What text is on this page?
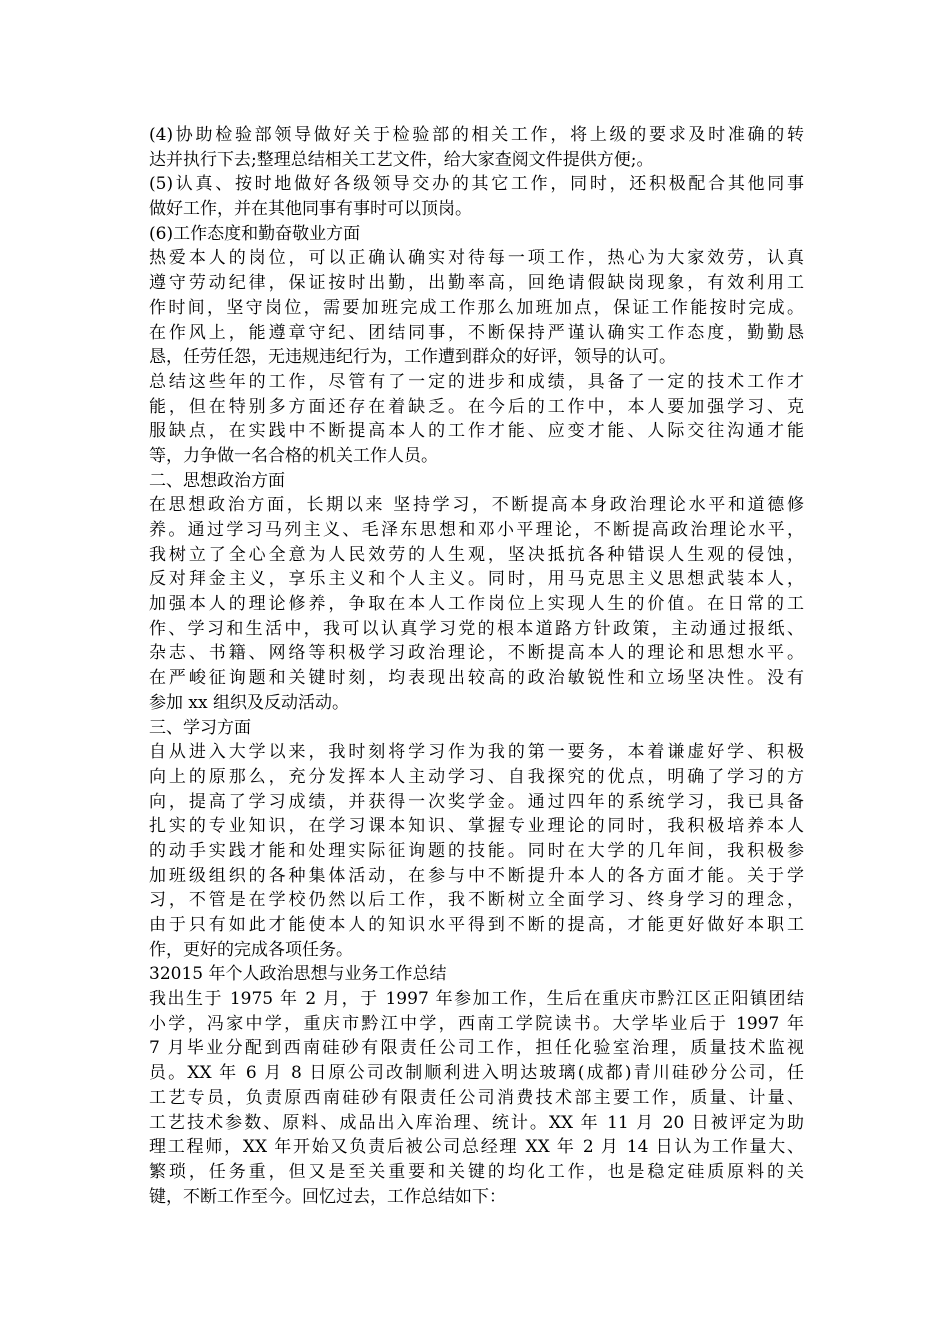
(4)协助检验部领导做好关于检验部的相关工作，将上级的要求及时准确的转
达并执行下去;整理总结相关工艺文件，给大家查阅文件提供方便;。
(5)认真、按时地做好各级领导交办的其它工作，同时，还积极配合其他同事
做好工作，并在其他同事有事时可以顶岗。
(6)工作态度和勤奋敬业方面
热爱本人的岗位，可以正确认确实对待每一项工作，热心为大家效劳，认真
遵守劳动纪律，保证按时出勤，出勤率高，回绝请假缺岗现象，有效利用工
作时间，坚守岗位，需要加班完成工作那么加班加点，保证工作能按时完成。
在作风上，能遵章守纪、团结同事，不断保持严谨认确实工作态度，勤勤恳
恳，任劳任怨，无违规违纪行为，工作遭到群众的好评，领导的认可。
总结这些年的工作，尽管有了一定的进步和成绩，具备了一定的技术工作才
能，但在特别多方面还存在着缺乏。在今后的工作中，本人要加强学习、克
服缺点，在实践中不断提高本人的工作才能、应变才能、人际交往沟通才能
等，力争做一名合格的机关工作人员。
二、思想政治方面
在思想政治方面，长期以来 坚持学习，不断提高本身政治理论水平和道德修
养。通过学习马列主义、毛泽东思想和邓小平理论，不断提高政治理论水平，
我树立了全心全意为人民效劳的人生观，坚决抵抗各种错误人生观的侵蚀，
反对拜金主义，享乐主义和个人主义。同时，用马克思主义思想武装本人，
加强本人的理论修养，争取在本人工作岗位上实现人生的价值。在日常的工
作、学习和生活中，我可以认真学习党的根本道路方针政策，主动通过报纸、
杂志、书籍、网络等积极学习政治理论，不断提高本人的理论和思想水平。
在严峻征询题和关键时刻，均表现出较高的政治敏锐性和立场坚决性。没有
参加 xx 组织及反动活动。
三、学习方面
自从进入大学以来，我时刻将学习作为我的第一要务，本着谦虚好学、积极
向上的原那么，充分发挥本人主动学习、自我探究的优点，明确了学习的方
向，提高了学习成绩，并获得一次奖学金。通过四年的系统学习，我已具备
扎实的专业知识，在学习课本知识、掌握专业理论的同时，我积极培养本人
的动手实践才能和处理实际征询题的技能。同时在大学的几年间，我积极参
加班级组织的各种集体活动，在参与中不断提升本人的各方面才能。关于学
习，不管是在学校仍然以后工作，我不断树立全面学习、终身学习的理念，
由于只有如此才能使本人的知识水平得到不断的提高，才能更好做好本职工
作，更好的完成各项任务。
32015 年个人政治思想与业务工作总结
我出生于 1975 年 2 月，于 1997 年参加工作，生后在重庆市黔江区正阳镇团结
小学，冯家中学，重庆市黔江中学，西南工学院读书。大学毕业后于 1997 年
7 月毕业分配到西南硅砂有限责任公司工作，担任化验室治理，质量技术监视
员。XX 年 6 月 8 日原公司改制顺利进入明达玻璃(成都)青川硅砂分公司，任
工艺专员，负责原西南硅砂有限责任公司消费技术部主要工作，质量、计量、
工艺技术参数、原料、成品出入库治理、统计。XX 年 11 月 20 日被评定为助
理工程师，XX 年开始又负责后被公司总经理 XX 年 2 月 14 日认为工作量大、
繁琐，任务重，但又是至关重要和关键的均化工作，也是稳定硅质原料的关
键，不断工作至今。回忆过去，工作总结如下：
